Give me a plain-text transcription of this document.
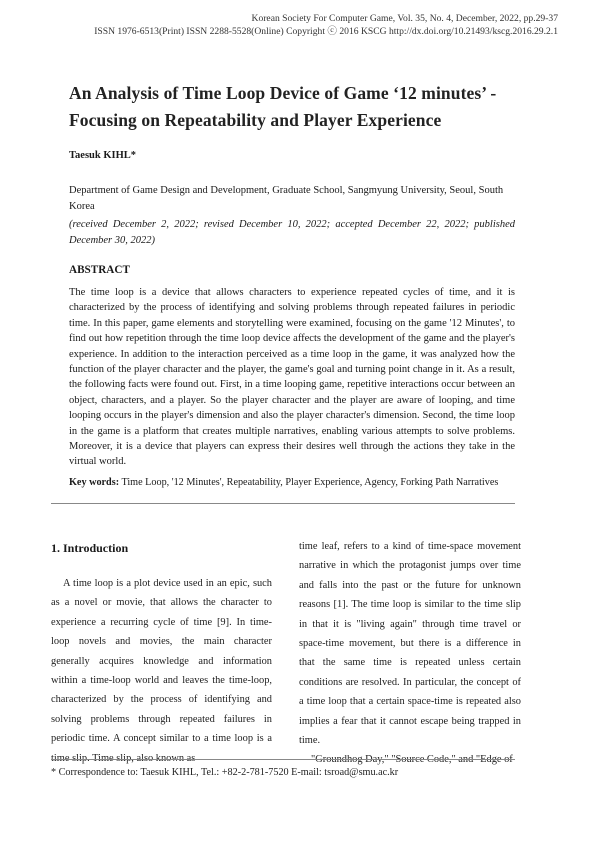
Korean Society For Computer Game, Vol. 35, No. 4, December, 2022, pp.29-37
ISSN 1976-6513(Print) ISSN 2288-5528(Online) Copyright ⓒ 2016 KSCG http://dx.doi.org/10.21493/kscg.2016.29.2.1
An Analysis of Time Loop Device of Game ‘12 minutes’ -
Focusing on Repeatability and Player Experience
Taesuk KIHL*
Department of Game Design and Development, Graduate School, Sangmyung University, Seoul, South Korea
(received December 2, 2022; revised December 10, 2022; accepted December 22, 2022; published December 30, 2022)
ABSTRACT
The time loop is a device that allows characters to experience repeated cycles of time, and it is characterized by the process of identifying and solving problems through repeated failures in periodic time. In this paper, game elements and storytelling were examined, focusing on the game '12 Minutes', to find out how repetition through the time loop device affects the development of the game and the player's experience. In addition to the interaction perceived as a time loop in the game, it was analyzed how the function of the player character and the player, the game's goal and turning point change in it. As a result, the following facts were found out. First, in a time looping game, repetitive interactions occur between an object, characters, and a player. So the player character and the player are aware of looping, and time looping occurs in the player's dimension and also the player character's dimension. Second, the time loop in the game is a platform that creates multiple narratives, enabling various attempts to solve problems. Moreover, it is a device that players can express their desires well through the actions they take in the virtual world.
Key words: Time Loop, '12 Minutes', Repeatability, Player Experience, Agency, Forking Path Narratives
1. Introduction

A time loop is a plot device used in an epic, such as a novel or movie, that allows the character to experience a recurring cycle of time [9]. In time-loop novels and movies, the main character generally acquires knowledge and information within a time-loop world and leaves the time-loop, characterized by the process of identifying and solving problems through repeated failures in periodic time. A concept similar to a time loop is a time slip. Time slip, also known as

time leaf, refers to a kind of time-space movement narrative in which the protagonist jumps over time and falls into the past or the future for unknown reasons [1]. The time loop is similar to the time slip in that it is "living again" through time travel or space-time movement, but there is a difference in that the same time is repeated unless certain conditions are resolved. In particular, the concept of a time loop that a certain space-time is repeated also implies a fear that it cannot escape being trapped in time.

"Groundhog Day," "Source Code," and "Edge of

* Correspondence to: Taesuk KIHL, Tel.: +82-2-781-7520 E-mail: tsroad@smu.ac.kr
